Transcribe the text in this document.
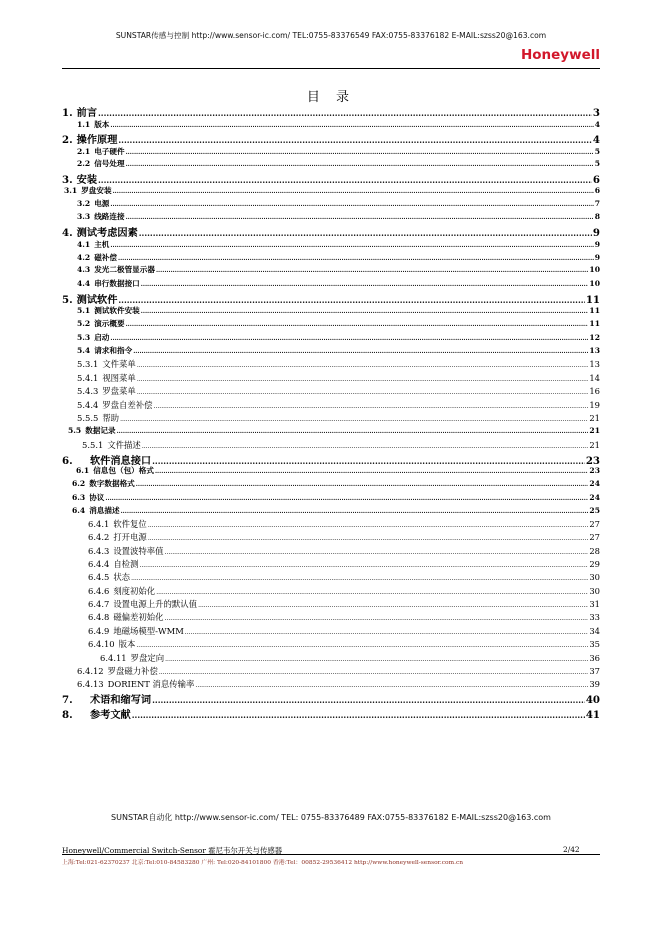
SUNSTAR传感与控制 http://www.sensor-ic.com/ TEL:0755-83376549 FAX:0755-83376182 E-MAIL:szss20@163.com
Honeywell
目 录
1. 前言 .....	3
1.1 版本 .....	4
2. 操作原理 .....	4
2.1 电子硬件 .....	5
2.2 信号处理 .....	5
3. 安装 .....	6
3.1 罗盘安装 .....	6
3.2 电源 .....	7
3.3 线路连接 .....	8
4. 测试考虑因素 .....	9
4.1 主机 .....	9
4.2 磁补偿 .....	9
4.3 发光二极管显示器 .....	10
4.4 串行数据接口 .....	10
5. 测试软件 .....	11
5.1 测试软件安装 .....	11
5.2 演示概要 .....	11
5.3 启动 .....	12
5.4 请求和指令 .....	13
5.3.1 文件菜单 .....	13
5.4.1 视图菜单 .....	14
5.4.3 罗盘菜单 .....	16
5.4.4 罗盘自差补偿 .....	19
5.5.5 帮助 .....	21
5.5 数据记录 .....	21
5.5.1 文件描述 .....	21
6. 软件消息接口 .....	23
6.1 信息包（包）格式 .....	23
6.2 数字数据格式 .....	24
6.3 协议 .....	24
6.4 消息描述 .....	25
6.4.1 软件复位 .....	27
6.4.2 打开电源 .....	27
6.4.3 设置波特率值 .....	28
6.4.4 自检测 .....	29
6.4.5 状态 .....	30
6.4.6 刻度初始化 .....	30
6.4.7 设置电源上升的默认值 .....	31
6.4.8 磁偏差初始化 .....	33
6.4.9 地磁场模型-WMM .....	34
6.4.10 版本 .....	35
6.4.11 罗盘定向 .....	36
6.4.12 罗盘磁力补偿 .....	37
6.4.13 DORIENT 消息传输率 .....	39
7. 术语和缩写词 .....	40
8. 参考文献 .....	41
SUNSTAR自动化 http://www.sensor-ic.com/ TEL: 0755-83376489 FAX:0755-83376182 E-MAIL:szss20@163.com
Honeywell/Commercial Switch-Sensor 霍尼韦尔开关与传感器	2/42
上海:Tel:021-62370237 北京:Tel:010-84583280 广州: Tel:020-84101800 香港:Tel：00852-29536412 http://www.honeywell-sensor.com.cn
